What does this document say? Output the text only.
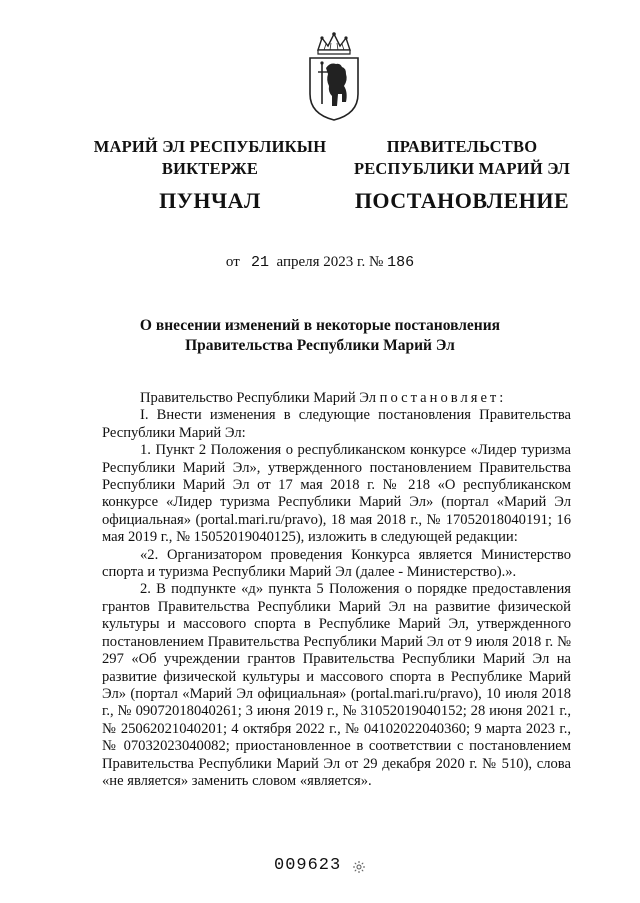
МАРИЙ ЭЛ РЕСПУБЛИКЫН
ВИКТЕРЖЕ
ПУНЧАЛ
ПРАВИТЕЛЬСТВО
РЕСПУБЛИКИ МАРИЙ ЭЛ
ПОСТАНОВЛЕНИЕ
от 21 апреля 2023 г. № 186
О внесении изменений в некоторые постановления
Правительства Республики Марий Эл

Правительство Республики Марий Эл постановляет:

I. Внести изменения в следующие постановления Правительства Республики Марий Эл:

1. Пункт 2 Положения о республиканском конкурсе «Лидер туризма Республики Марий Эл», утвержденного постановлением Правительства Республики Марий Эл от 17 мая 2018 г. № 218 «О республиканском конкурсе «Лидер туризма Республики Марий Эл» (портал «Марий Эл официальная» (portal.mari.ru/pravo), 18 мая 2018 г., № 17052018040191; 16 мая 2019 г., № 15052019040125), изложить в следующей редакции:

«2. Организатором проведения Конкурса является Министерство спорта и туризма Республики Марий Эл (далее - Министерство).».

2. В подпункте «д» пункта 5 Положения о порядке предоставления грантов Правительства Республики Марий Эл на развитие физической культуры и массового спорта в Республике Марий Эл, утвержденного постановлением Правительства Республики Марий Эл от 9 июля 2018 г. № 297 «Об учреждении грантов Правительства Республики Марий Эл на развитие физической культуры и массового спорта в Республике Марий Эл» (портал «Марий Эл официальная» (portal.mari.ru/pravo), 10 июля 2018 г., № 09072018040261; 3 июня 2019 г., № 31052019040152; 28 июня 2021 г., № 25062021040201; 4 октября 2022 г., № 04102022040360; 9 марта 2023 г., № 07032023040082; приостановленное в соответствии с постановлением Правительства Республики Марий Эл от 29 декабря 2020 г. № 510), слова «не является» заменить словом «является».

009623
